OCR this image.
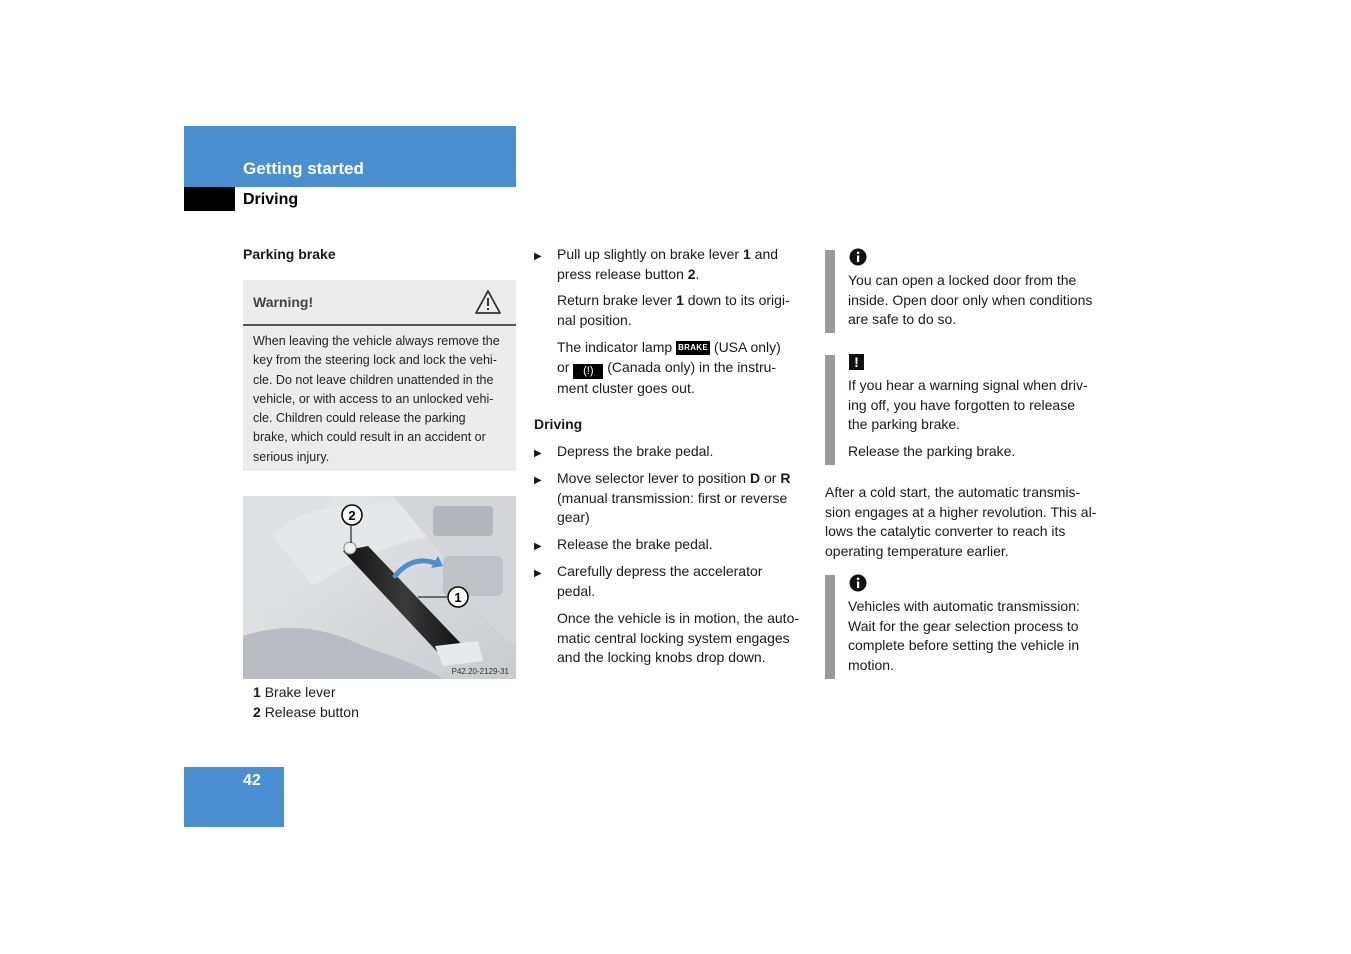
Getting started
Driving
Parking brake
Warning!
When leaving the vehicle always remove the
key from the steering lock and lock the vehi-
cle. Do not leave children unattended in the
vehicle, or with access to an unlocked vehi-
cle. Children could release the parking
brake, which could result in an accident or
serious injury.
2
1
P42.20-2129-31
1 Brake lever
2 Release button
▶ Pull up slightly on brake lever 1 and
press release button 2.
Return brake lever 1 down to its origi-
nal position.
The indicator lamp BRAKE (USA only)
or (!) (Canada only) in the instru-
ment cluster goes out.
Driving
▶ Depress the brake pedal.
▶ Move selector lever to position D or R
(manual transmission: first or reverse
gear)
▶ Release the brake pedal.
▶ Carefully depress the accelerator
pedal.
Once the vehicle is in motion, the auto-
matic central locking system engages
and the locking knobs drop down.
You can open a locked door from the
inside. Open door only when conditions
are safe to do so.
!
If you hear a warning signal when driv-
ing off, you have forgotten to release
the parking brake.
Release the parking brake.
After a cold start, the automatic transmis-
sion engages at a higher revolution. This al-
lows the catalytic converter to reach its
operating temperature earlier.
Vehicles with automatic transmission:
Wait for the gear selection process to
complete before setting the vehicle in
motion.
42
